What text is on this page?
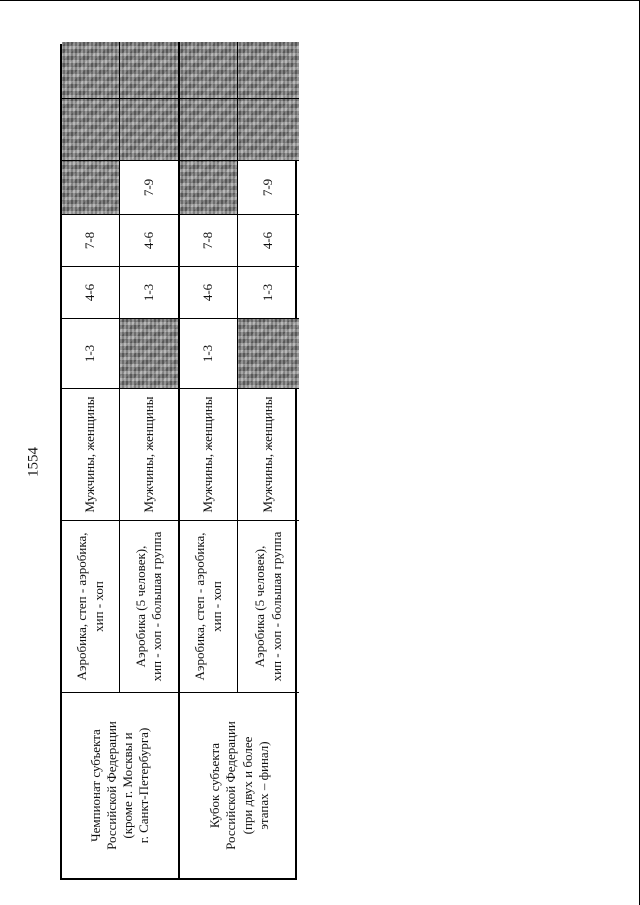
1554
Чемпионат субъекта
Российской Федерации
(кроме г. Москвы и
г. Санкт-Петербурга)
Аэробика, степ - аэробика,
хип - хоп
Мужчины, женщины
1-3
4-6
7-8
Аэробика (5 человек),
хип - хоп - большая группа
Мужчины, женщины
1-3
4-6
7-9
Кубок субъекта
Российской Федерации
(при двух и более
этапах – финал)
Аэробика, степ - аэробика,
хип - хоп
Мужчины, женщины
1-3
4-6
7-8
Аэробика (5 человек),
хип - хоп - большая группа
Мужчины, женщины
1-3
4-6
7-9
